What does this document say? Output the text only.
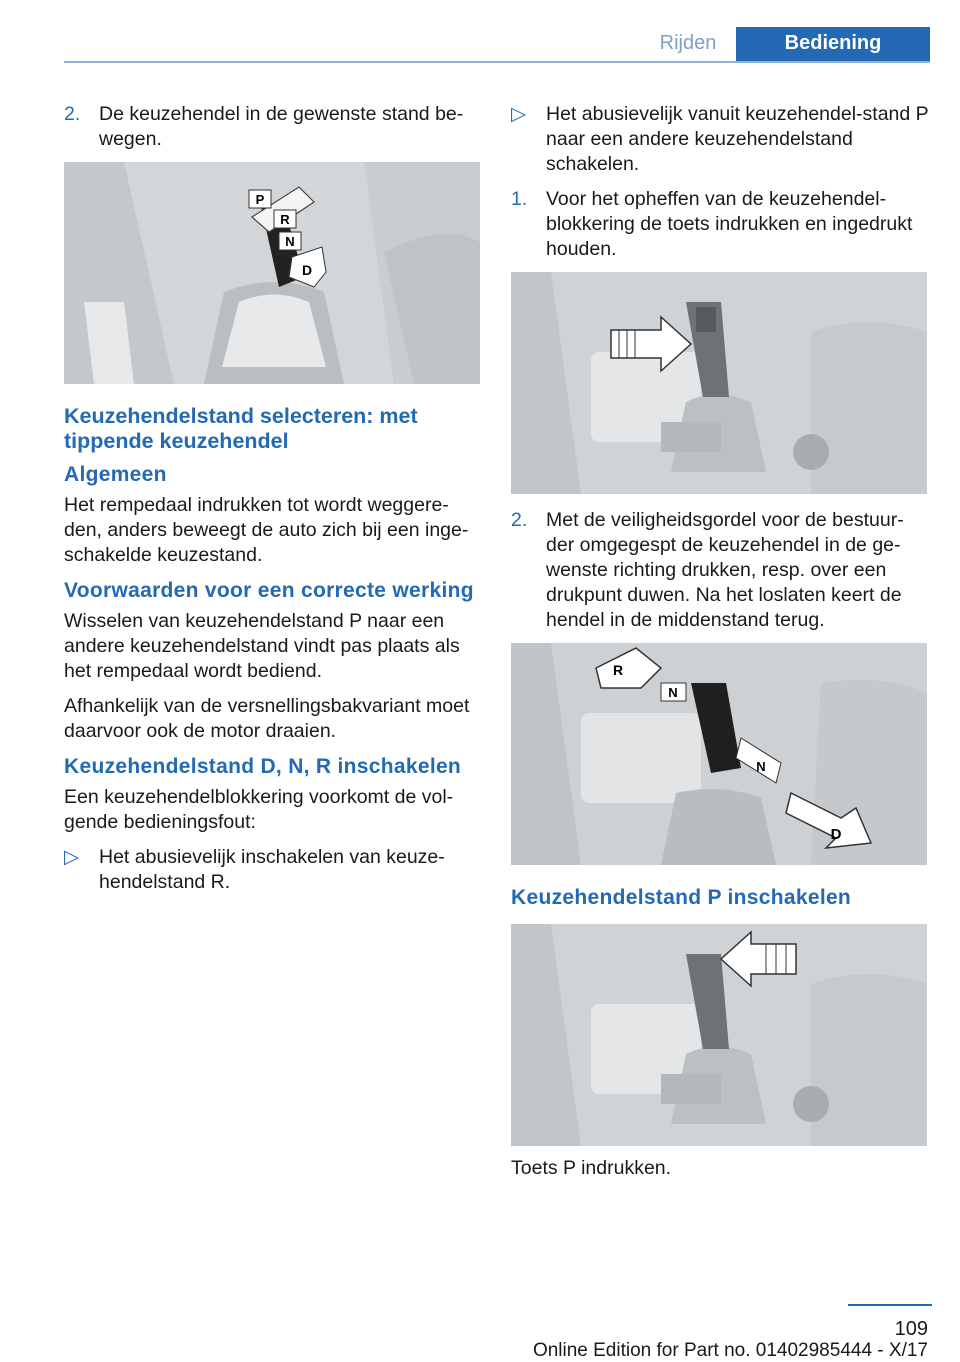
Rijden	Bediening
2. De keuzehendel in de gewenste stand be‐wegen.
P
R
N
D
Keuzehendelstand selecteren: met tippende keuzehendel
Algemeen
Het rempedaal indrukken tot wordt weggere‐den, anders beweegt de auto zich bij een inge‐schakelde keuzestand.
Voorwaarden voor een correcte werking
Wisselen van keuzehendelstand P naar een andere keuzehendelstand vindt pas plaats als het rempedaal wordt bediend.
Afhankelijk van de versnellingsbakvariant moet daarvoor ook de motor draaien.
Keuzehendelstand D, N, R inschakelen
Een keuzehendelblokkering voorkomt de vol‐gende bedieningsfout:
▷	Het abusievelijk inschakelen van keuze‐hendelstand R.
▷	Het abusievelijk vanuit keuzehendel‐stand P naar een andere keuzehendelstand schakelen.
1. Voor het opheffen van de keuzehendel‐blokkering de toets indrukken en ingedrukt houden.
2. Met de veiligheidsgordel voor de bestuur‐der omgegespt de keuzehendel in de ge‐wenste richting drukken, resp. over een drukpunt duwen. Na het loslaten keert de hendel in de middenstand terug.
R
N
N
D
Keuzehendelstand P inschakelen
Toets P indrukken.
109
Online Edition for Part no. 01402985444 - X/17
